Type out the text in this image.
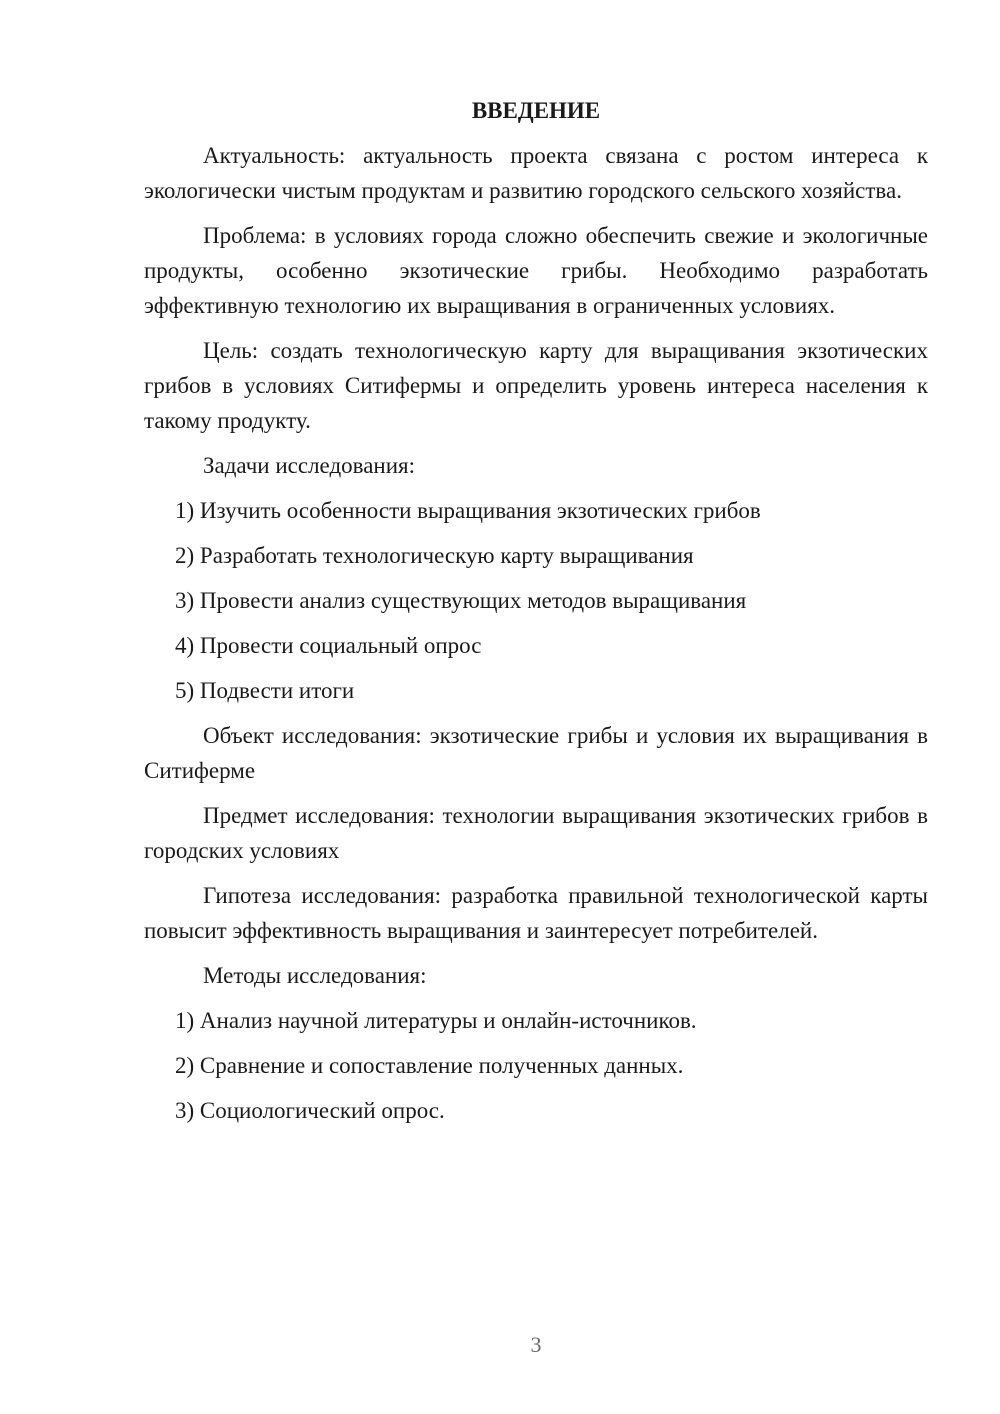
ВВЕДЕНИЕ
Актуальность: актуальность проекта связана с ростом интереса к экологически чистым продуктам и развитию городского сельского хозяйства.
Проблема: в условиях города сложно обеспечить свежие и экологичные продукты, особенно экзотические грибы. Необходимо разработать эффективную технологию их выращивания в ограниченных условиях.
Цель: создать технологическую карту для выращивания экзотических грибов в условиях Ситифермы и определить уровень интереса населения к такому продукту.
Задачи исследования:
1) Изучить особенности выращивания экзотических грибов
2) Разработать технологическую карту выращивания
3) Провести анализ существующих методов выращивания
4) Провести социальный опрос
5) Подвести итоги
Объект исследования: экзотические грибы и условия их выращивания в Ситиферме
Предмет исследования: технологии выращивания экзотических грибов в городских условиях
Гипотеза исследования: разработка правильной технологической карты повысит эффективность выращивания и заинтересует потребителей.
Методы исследования:
1) Анализ научной литературы и онлайн-источников.
2) Сравнение и сопоставление полученных данных.
3) Социологический опрос.
3
